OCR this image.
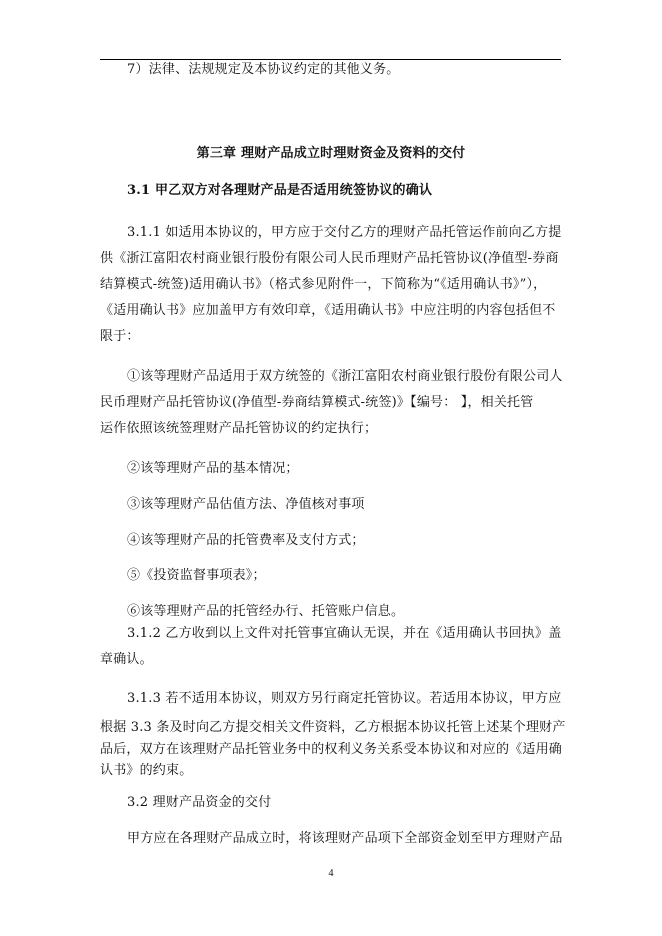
7）法律、法规规定及本协议约定的其他义务。
第三章 理财产品成立时理财资金及资料的交付
3.1 甲乙双方对各理财产品是否适用统签协议的确认
3.1.1 如适用本协议的，甲方应于交付乙方的理财产品托管运作前向乙方提
供《浙江富阳农村商业银行股份有限公司人民币理财产品托管协议(净值型-券商
结算模式-统签)适用确认书》（格式参见附件一，下简称为“《适用确认书》”），
《适用确认书》应加盖甲方有效印章，《适用确认书》中应注明的内容包括但不
限于：
①该等理财产品适用于双方统签的《浙江富阳农村商业银行股份有限公司人
民币理财产品托管协议(净值型-券商结算模式-统签)》【编号： 】，相关托管
运作依照该统签理财产品托管协议的约定执行；
②该等理财产品的基本情况；
③该等理财产品估值方法、净值核对事项
④该等理财产品的托管费率及支付方式；
⑤《投资监督事项表》；
⑥该等理财产品的托管经办行、托管账户信息。
3.1.2 乙方收到以上文件对托管事宜确认无误，并在《适用确认书回执》盖
章确认。
3.1.3 若不适用本协议，则双方另行商定托管协议。若适用本协议，甲方应
根据 3.3 条及时向乙方提交相关文件资料，乙方根据本协议托管上述某个理财产
品后，双方在该理财产品托管业务中的权利义务关系受本协议和对应的《适用确
认书》的约束。
3.2 理财产品资金的交付
甲方应在各理财产品成立时，将该理财产品项下全部资金划至甲方理财产品
4
